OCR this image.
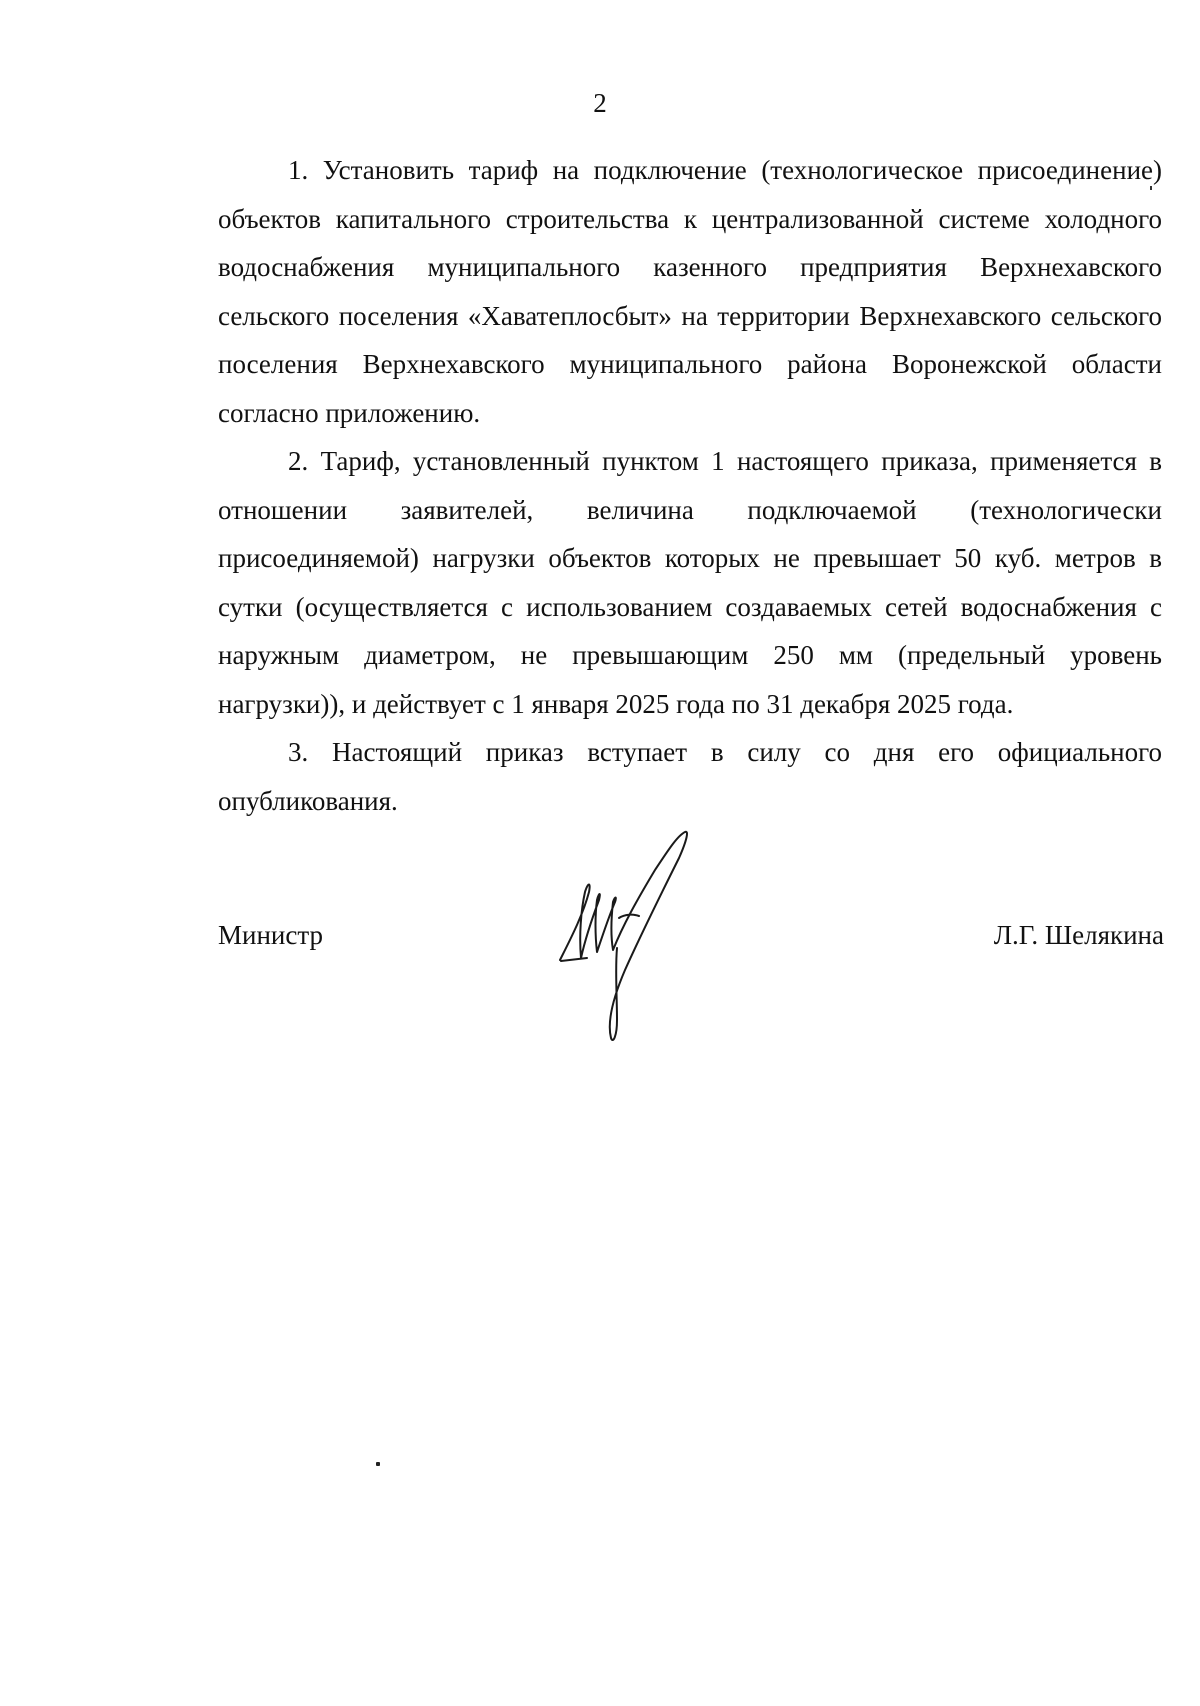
2

1. Установить тариф на подключение (технологическое присоединение) объектов капитального строительства к централизованной системе холодного водоснабжения муниципального казенного предприятия Верхнехавского сельского поселения «Хаватеплосбыт» на территории Верхнехавского сельского поселения Верхнехавского муниципального района Воронежской области согласно приложению.

2. Тариф, установленный пунктом 1 настоящего приказа, применяется в отношении заявителей, величина подключаемой (технологически присоединяемой) нагрузки объектов которых не превышает 50 куб. метров в сутки (осуществляется с использованием создаваемых сетей водоснабжения с наружным диаметром, не превышающим 250 мм (предельный уровень нагрузки)), и действует с 1 января 2025 года по 31 декабря 2025 года.

3. Настоящий приказ вступает в силу со дня его официального опубликования.

Министр	Л.Г. Шелякина
